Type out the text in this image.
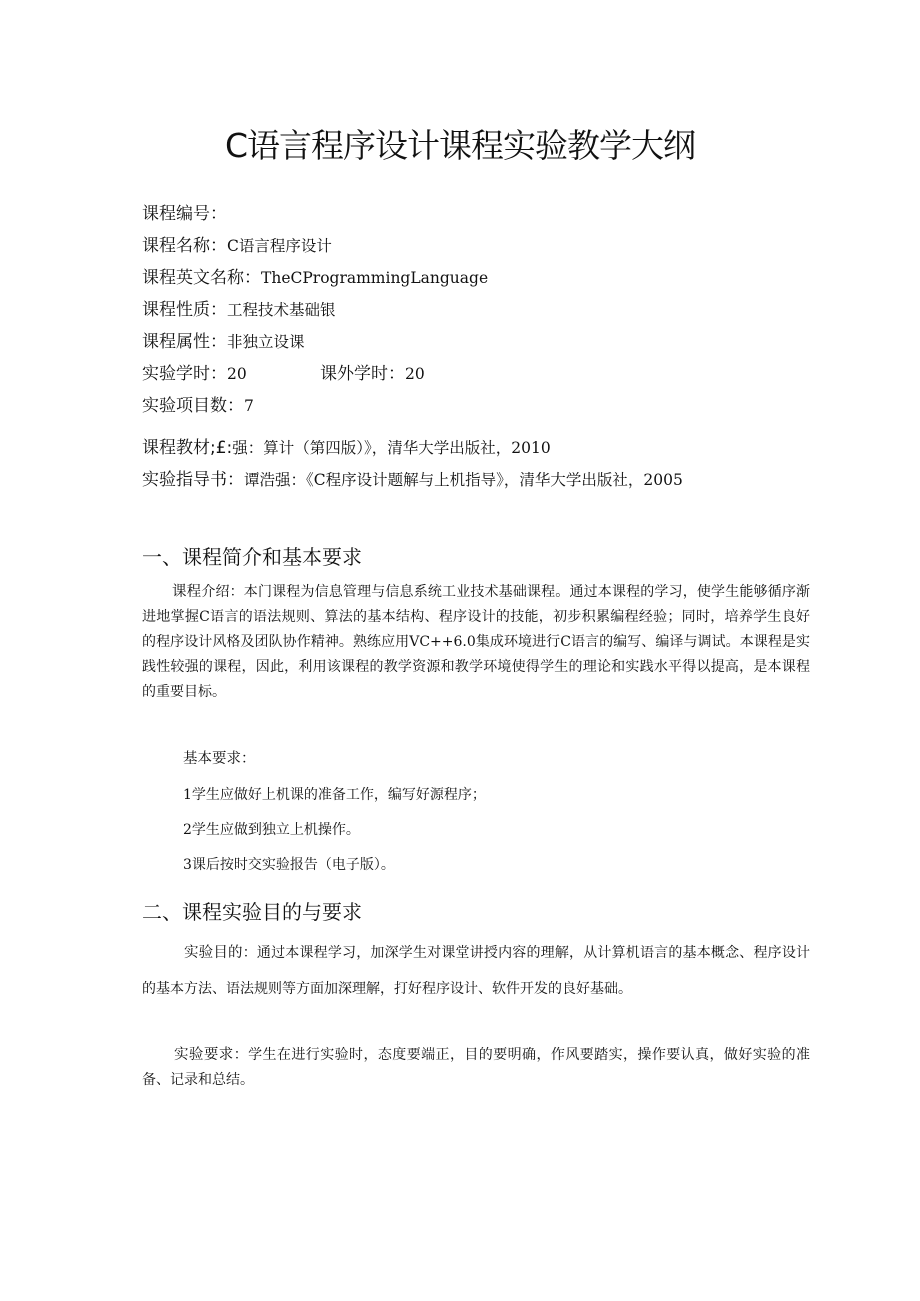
C语言程序设计课程实验教学大纲
课程编号：
课程名称：C语言程序设计
课程英文名称：TheCProgrammingLanguage
课程性质：工程技术基础银
课程属性：非独立设课
实验学时：20	课外学时：20
实验项目数：7
课程教材;£:强：算计（第四版）》，清华大学出版社，2010
实验指导书：谭浩强：《C程序设计题解与上机指导》，清华大学出版社，2005
一、课程简介和基本要求
课程介绍：本门课程为信息管理与信息系统工业技术基础课程。通过本课程的学习，使学生能够循序渐进地掌握C语言的语法规则、算法的基本结构、程序设计的技能，初步积累编程经验；同时，培养学生良好的程序设计风格及团队协作精神。熟练应用VC++6.0集成环境进行C语言的编写、编译与调试。本课程是实践性较强的课程，因此，利用该课程的教学资源和教学环境使得学生的理论和实践水平得以提高，是本课程的重要目标。
基本要求：
1学生应做好上机课的准备工作，编写好源程序；
2学生应做到独立上机操作。
3课后按时交实验报告（电子版）。
二、课程实验目的与要求
实验目的：通过本课程学习，加深学生对课堂讲授内容的理解，从计算机语言的基本概念、程序设计的基本方法、语法规则等方面加深理解，打好程序设计、软件开发的良好基础。
实验要求：学生在进行实验时，态度要端正，目的要明确，作风要踏实，操作要认真，做好实验的准备、记录和总结。
